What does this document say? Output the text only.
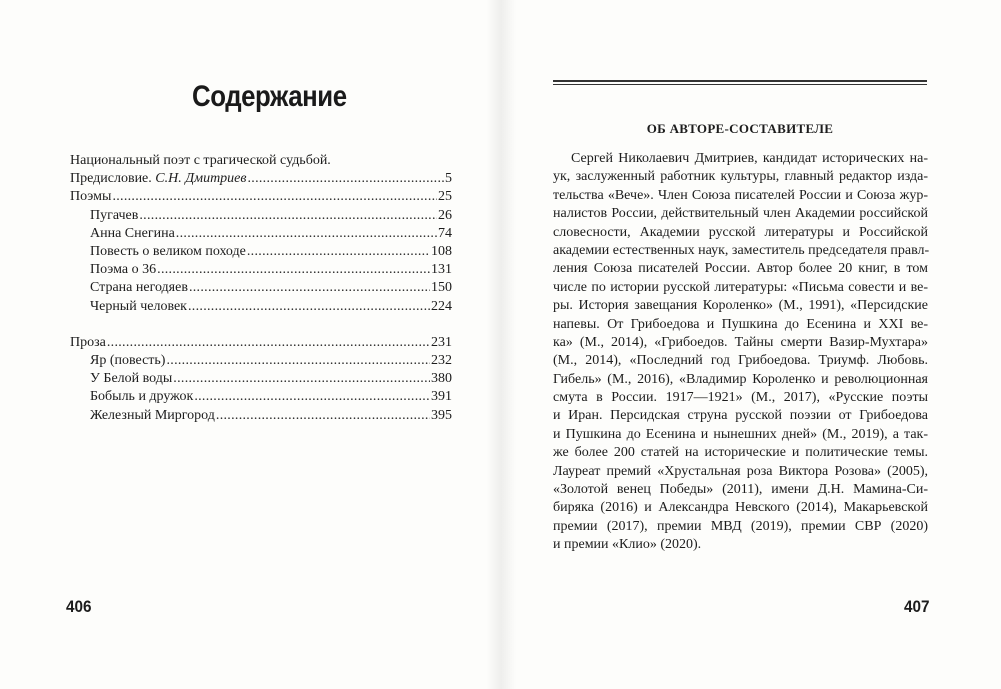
Содержание
Национальный поэт с трагической судьбой.
Предисловие. С.Н. Дмитриев .....	5
Поэмы .....	25
Пугачев .....	26
Анна Снегина .....	74
Повесть о великом походе .....	108
Поэма о 36 .....	131
Страна негодяев .....	150
Черный человек .....	224
Проза .....	231
Яр (повесть) .....	232
У Белой воды .....	380
Бобыль и дружок .....	391
Железный Миргород .....	395
406
ОБ АВТОРЕ-СОСТАВИТЕЛЕ
Сергей Николаевич Дмитриев, кандидат исторических на-
ук, заслуженный работник культуры, главный редактор изда-
тельства «Вече». Член Союза писателей России и Союза жур-
налистов России, действительный член Академии российской
словесности, Академии русской литературы и Российской
академии естественных наук, заместитель председателя правл-
ления Союза писателей России. Автор более 20 книг, в том
числе по истории русской литературы: «Письма совести и ве-
ры. История завещания Короленко» (М., 1991), «Персидские
напевы. От Грибоедова и Пушкина до Есенина и XXI ве-
ка» (М., 2014), «Грибоедов. Тайны смерти Вазир-Мухтара»
(М., 2014), «Последний год Грибоедова. Триумф. Любовь.
Гибель» (М., 2016), «Владимир Короленко и революционная
смута в России. 1917—1921» (М., 2017), «Русские поэты
и Иран. Персидская струна русской поэзии от Грибоедова
и Пушкина до Есенина и нынешних дней» (М., 2019), а так-
же более 200 статей на исторические и политические темы.
Лауреат премий «Хрустальная роза Виктора Розова» (2005),
«Золотой венец Победы» (2011), имени Д.Н. Мамина-Си-
биряка (2016) и Александра Невского (2014), Макарьевской
премии (2017), премии МВД (2019), премии СВР (2020)
и премии «Клио» (2020).
407
